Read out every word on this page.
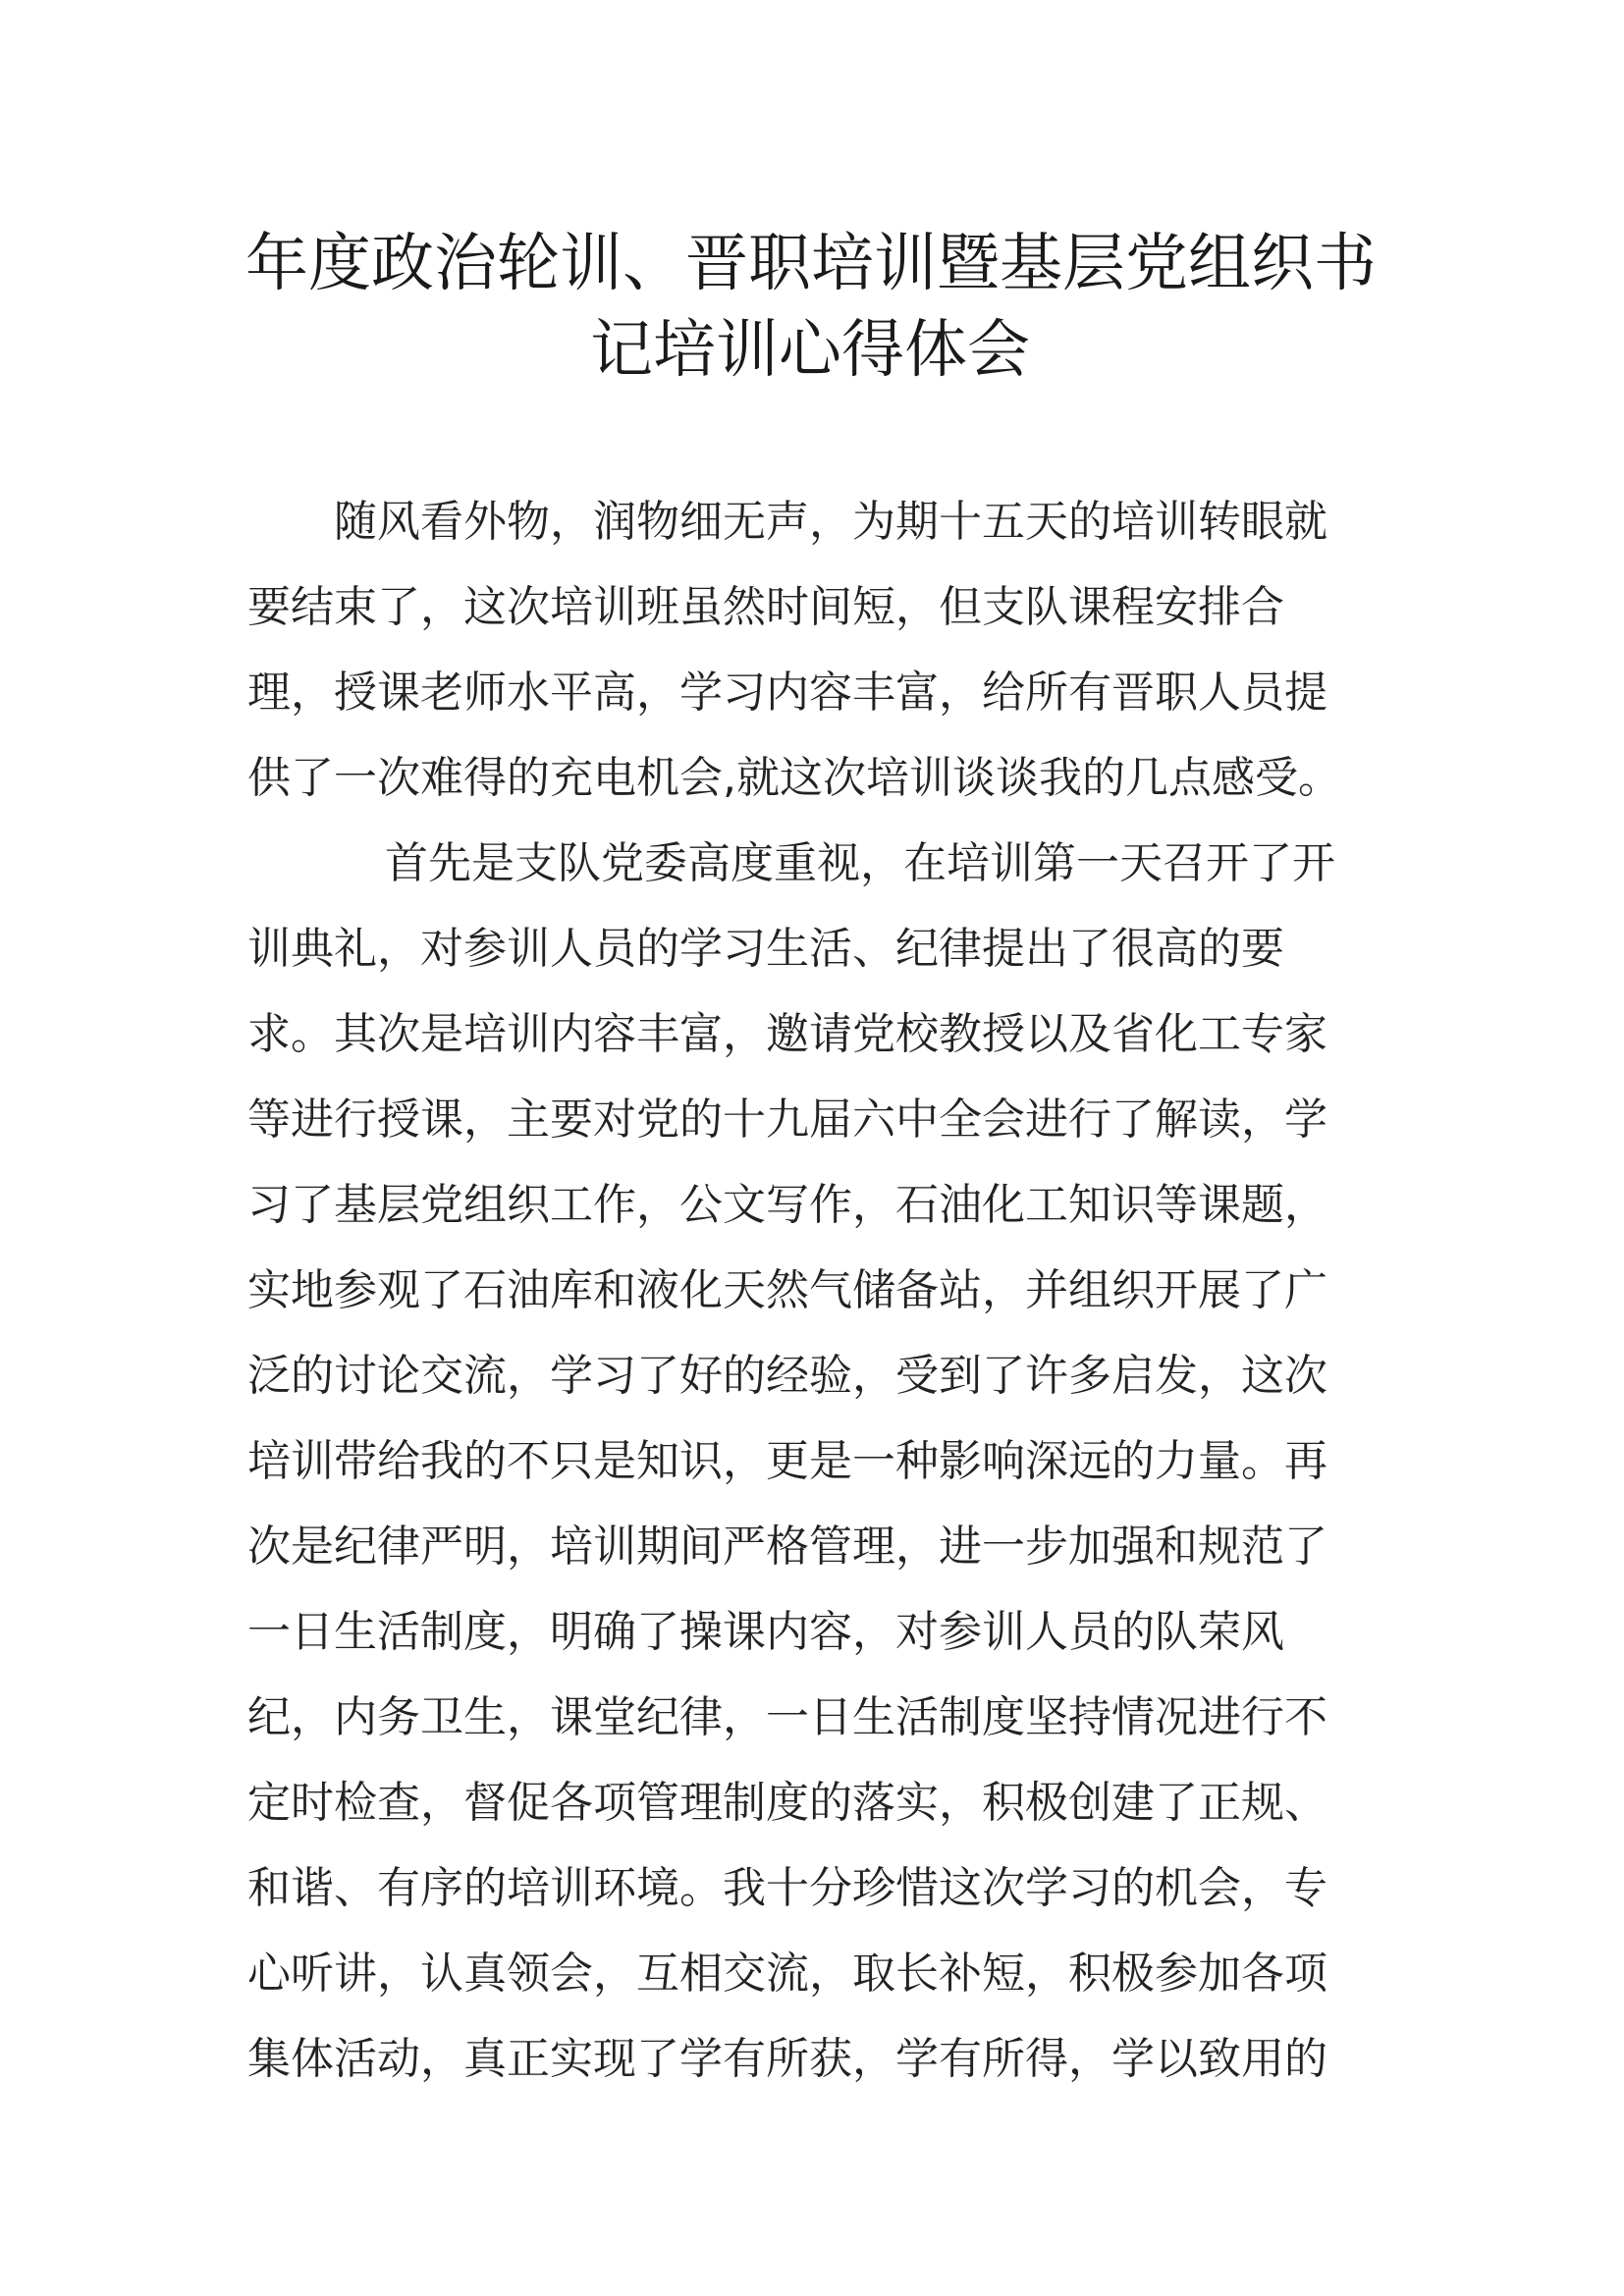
年度政治轮训、晋职培训暨基层党组织书
记培训心得体会
随风看外物，润物细无声，为期十五天的培训转眼就
要结束了，这次培训班虽然时间短，但支队课程安排合
理，授课老师水平高，学习内容丰富，给所有晋职人员提
供了一次难得的充电机会,就这次培训谈谈我的几点感受。
首先是支队党委高度重视，在培训第一天召开了开
训典礼，对参训人员的学习生活、纪律提出了很高的要
求。其次是培训内容丰富，邀请党校教授以及省化工专家
等进行授课，主要对党的十九届六中全会进行了解读，学
习了基层党组织工作，公文写作，石油化工知识等课题，
实地参观了石油库和液化天然气储备站，并组织开展了广
泛的讨论交流，学习了好的经验，受到了许多启发，这次
培训带给我的不只是知识，更是一种影响深远的力量。再
次是纪律严明，培训期间严格管理，进一步加强和规范了
一日生活制度，明确了操课内容，对参训人员的队荣风
纪，内务卫生，课堂纪律，一日生活制度坚持情况进行不
定时检查，督促各项管理制度的落实，积极创建了正规、
和谐、有序的培训环境。我十分珍惜这次学习的机会，专
心听讲，认真领会，互相交流，取长补短，积极参加各项
集体活动，真正实现了学有所获，学有所得，学以致用的
